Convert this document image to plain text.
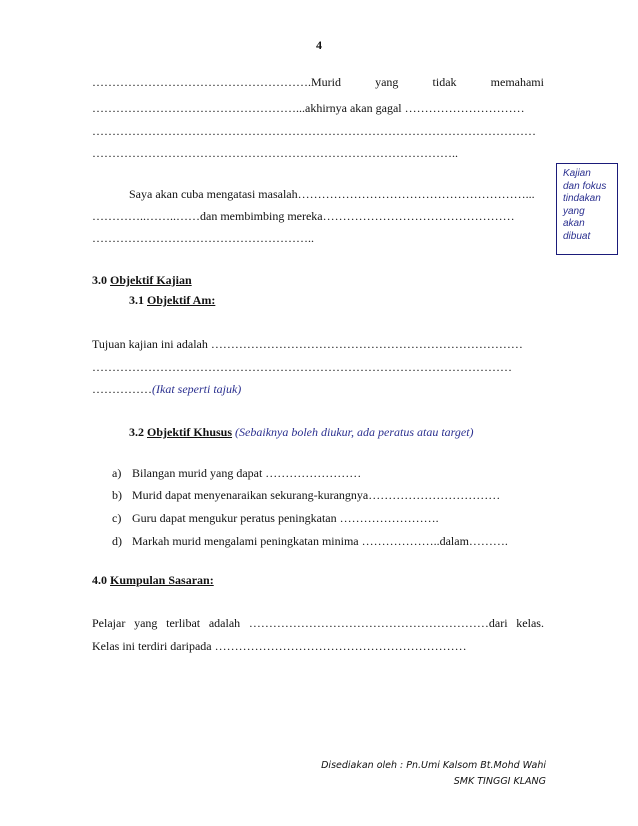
4
……………………………………………….Murid	yang	tidak	memahami
……………………………………………...akhirnya akan gagal …………………………
…………………………………………………………………………………………………
………………………………………………………………………………..
Saya akan cuba mengatasi masalah…………………………………………………...
…………..……..……dan membimbing mereka…………………………………………
………………………………………………..
Kajian
dan fokus
tindakan
yang
akan
dibuat
3.0 Objektif Kajian
3.1 Objektif Am:
Tujuan kajian ini adalah ……………………………………………………………………
……………………………………………………………………………………………
……………(Ikat seperti tajuk)
3.2 Objektif Khusus (Sebaiknya boleh diukur, ada peratus atau target)
a) Bilangan murid yang dapat ……………………
b) Murid dapat menyenaraikan sekurang-kurangnya……………………………
c) Guru dapat mengukur peratus peningkatan …………………….
d) Markah murid mengalami peningkatan minima ………………..dalam……….
4.0 Kumpulan Sasaran:
Pelajar yang terlibat adalah ……………………………………………………dari kelas.
Kelas ini terdiri daripada ………………………………………………………
Disediakan oleh : Pn.Umi Kalsom Bt.Mohd Wahi
SMK TINGGI KLANG
